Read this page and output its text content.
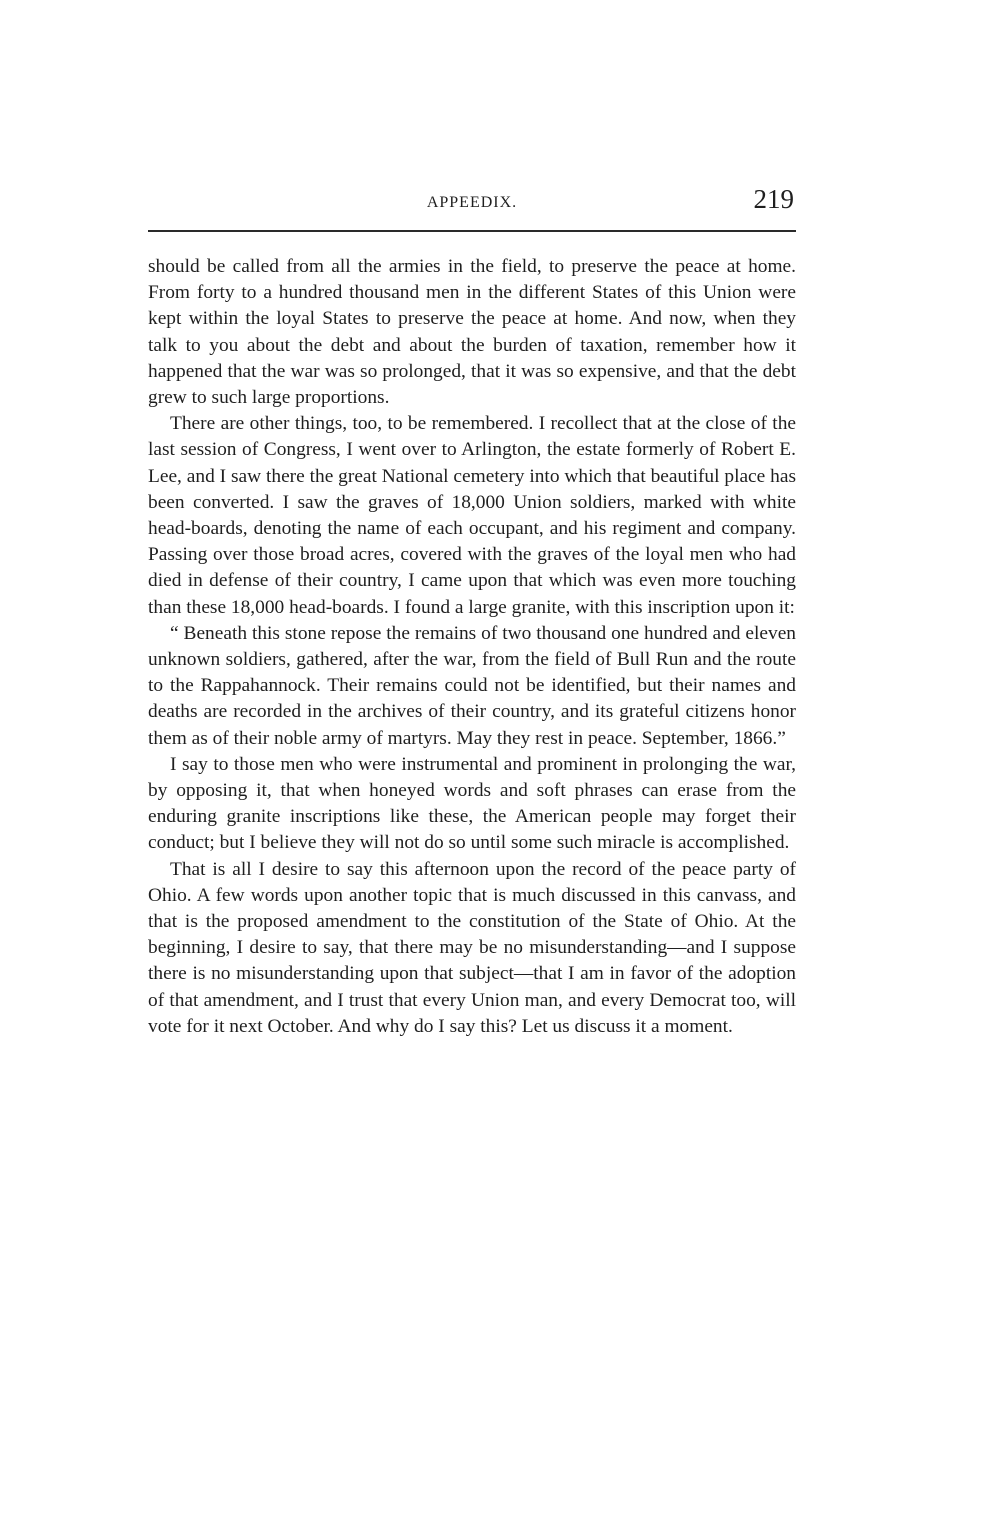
APPEEDIX.	219

should be called from all the armies in the field, to preserve the peace at home. From forty to a hundred thousand men in the different States of this Union were kept within the loyal States to preserve the peace at home. And now, when they talk to you about the debt and about the burden of taxation, remember how it happened that the war was so prolonged, that it was so expensive, and that the debt grew to such large proportions.

There are other things, too, to be remembered. I recollect that at the close of the last session of Congress, I went over to Arlington, the estate formerly of Robert E. Lee, and I saw there the great National cemetery into which that beautiful place has been converted. I saw the graves of 18,000 Union soldiers, marked with white head-boards, denoting the name of each occupant, and his regiment and company. Passing over those broad acres, covered with the graves of the loyal men who had died in defense of their country, I came upon that which was even more touching than these 18,000 head-boards. I found a large granite, with this inscription upon it:

“ Beneath this stone repose the remains of two thousand one hundred and eleven unknown soldiers, gathered, after the war, from the field of Bull Run and the route to the Rappahannock. Their remains could not be identified, but their names and deaths are recorded in the archives of their country, and its grateful citizens honor them as of their noble army of martyrs. May they rest in peace. September, 1866.”

I say to those men who were instrumental and prominent in prolonging the war, by opposing it, that when honeyed words and soft phrases can erase from the enduring granite inscriptions like these, the American people may forget their conduct; but I believe they will not do so until some such miracle is accomplished.

That is all I desire to say this afternoon upon the record of the peace party of Ohio. A few words upon another topic that is much discussed in this canvass, and that is the proposed amendment to the constitution of the State of Ohio. At the beginning, I desire to say, that there may be no misunderstanding—and I suppose there is no misunderstanding upon that subject—that I am in favor of the adoption of that amendment, and I trust that every Union man, and every Democrat too, will vote for it next October. And why do I say this? Let us discuss it a moment.
